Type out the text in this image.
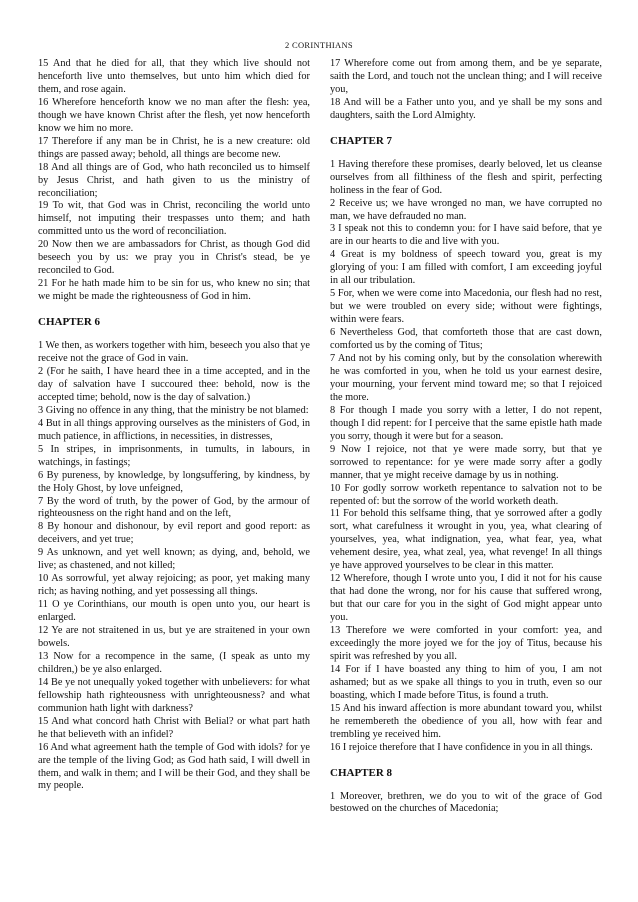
2 CORINTHIANS

15 And that he died for all, that they which live should not henceforth live unto themselves, but unto him which died for them, and rose again.

16 Wherefore henceforth know we no man after the flesh: yea, though we have known Christ after the flesh, yet now henceforth know we him no more.

17 Therefore if any man be in Christ, he is a new creature: old things are passed away; behold, all things are become new.

18 And all things are of God, who hath reconciled us to himself by Jesus Christ, and hath given to us the ministry of reconciliation;

19 To wit, that God was in Christ, reconciling the world unto himself, not imputing their trespasses unto them; and hath committed unto us the word of reconciliation.

20 Now then we are ambassadors for Christ, as though God did beseech you by us: we pray you in Christ's stead, be ye reconciled to God.

21 For he hath made him to be sin for us, who knew no sin; that we might be made the righteousness of God in him.

CHAPTER 6

1 We then, as workers together with him, beseech you also that ye receive not the grace of God in vain.

2 (For he saith, I have heard thee in a time accepted, and in the day of salvation have I succoured thee: behold, now is the accepted time; behold, now is the day of salvation.)

3 Giving no offence in any thing, that the ministry be not blamed:

4 But in all things approving ourselves as the ministers of God, in much patience, in afflictions, in necessities, in distresses,

5 In stripes, in imprisonments, in tumults, in labours, in watchings, in fastings;

6 By pureness, by knowledge, by longsuffering, by kindness, by the Holy Ghost, by love unfeigned,

7 By the word of truth, by the power of God, by the armour of righteousness on the right hand and on the left,

8 By honour and dishonour, by evil report and good report: as deceivers, and yet true;

9 As unknown, and yet well known; as dying, and, behold, we live; as chastened, and not killed;

10 As sorrowful, yet alway rejoicing; as poor, yet making many rich; as having nothing, and yet possessing all things.

11 O ye Corinthians, our mouth is open unto you, our heart is enlarged.

12 Ye are not straitened in us, but ye are straitened in your own bowels.

13 Now for a recompence in the same, (I speak as unto my children,) be ye also enlarged.

14 Be ye not unequally yoked together with unbelievers: for what fellowship hath righteousness with unrighteousness? and what communion hath light with darkness?

15 And what concord hath Christ with Belial? or what part hath he that believeth with an infidel?

16 And what agreement hath the temple of God with idols? for ye are the temple of the living God; as God hath said, I will dwell in them, and walk in them; and I will be their God, and they shall be my people.

17 Wherefore come out from among them, and be ye separate, saith the Lord, and touch not the unclean thing; and I will receive you,

18 And will be a Father unto you, and ye shall be my sons and daughters, saith the Lord Almighty.

CHAPTER 7

1 Having therefore these promises, dearly beloved, let us cleanse ourselves from all filthiness of the flesh and spirit, perfecting holiness in the fear of God.

2 Receive us; we have wronged no man, we have corrupted no man, we have defrauded no man.

3 I speak not this to condemn you: for I have said before, that ye are in our hearts to die and live with you.

4 Great is my boldness of speech toward you, great is my glorying of you: I am filled with comfort, I am exceeding joyful in all our tribulation.

5 For, when we were come into Macedonia, our flesh had no rest, but we were troubled on every side; without were fightings, within were fears.

6 Nevertheless God, that comforteth those that are cast down, comforted us by the coming of Titus;

7 And not by his coming only, but by the consolation wherewith he was comforted in you, when he told us your earnest desire, your mourning, your fervent mind toward me; so that I rejoiced the more.

8 For though I made you sorry with a letter, I do not repent, though I did repent: for I perceive that the same epistle hath made you sorry, though it were but for a season.

9 Now I rejoice, not that ye were made sorry, but that ye sorrowed to repentance: for ye were made sorry after a godly manner, that ye might receive damage by us in nothing.

10 For godly sorrow worketh repentance to salvation not to be repented of: but the sorrow of the world worketh death.

11 For behold this selfsame thing, that ye sorrowed after a godly sort, what carefulness it wrought in you, yea, what clearing of yourselves, yea, what indignation, yea, what fear, yea, what vehement desire, yea, what zeal, yea, what revenge! In all things ye have approved yourselves to be clear in this matter.

12 Wherefore, though I wrote unto you, I did it not for his cause that had done the wrong, nor for his cause that suffered wrong, but that our care for you in the sight of God might appear unto you.

13 Therefore we were comforted in your comfort: yea, and exceedingly the more joyed we for the joy of Titus, because his spirit was refreshed by you all.

14 For if I have boasted any thing to him of you, I am not ashamed; but as we spake all things to you in truth, even so our boasting, which I made before Titus, is found a truth.

15 And his inward affection is more abundant toward you, whilst he remembereth the obedience of you all, how with fear and trembling ye received him.

16 I rejoice therefore that I have confidence in you in all things.

CHAPTER 8

1 Moreover, brethren, we do you to wit of the grace of God bestowed on the churches of Macedonia;
